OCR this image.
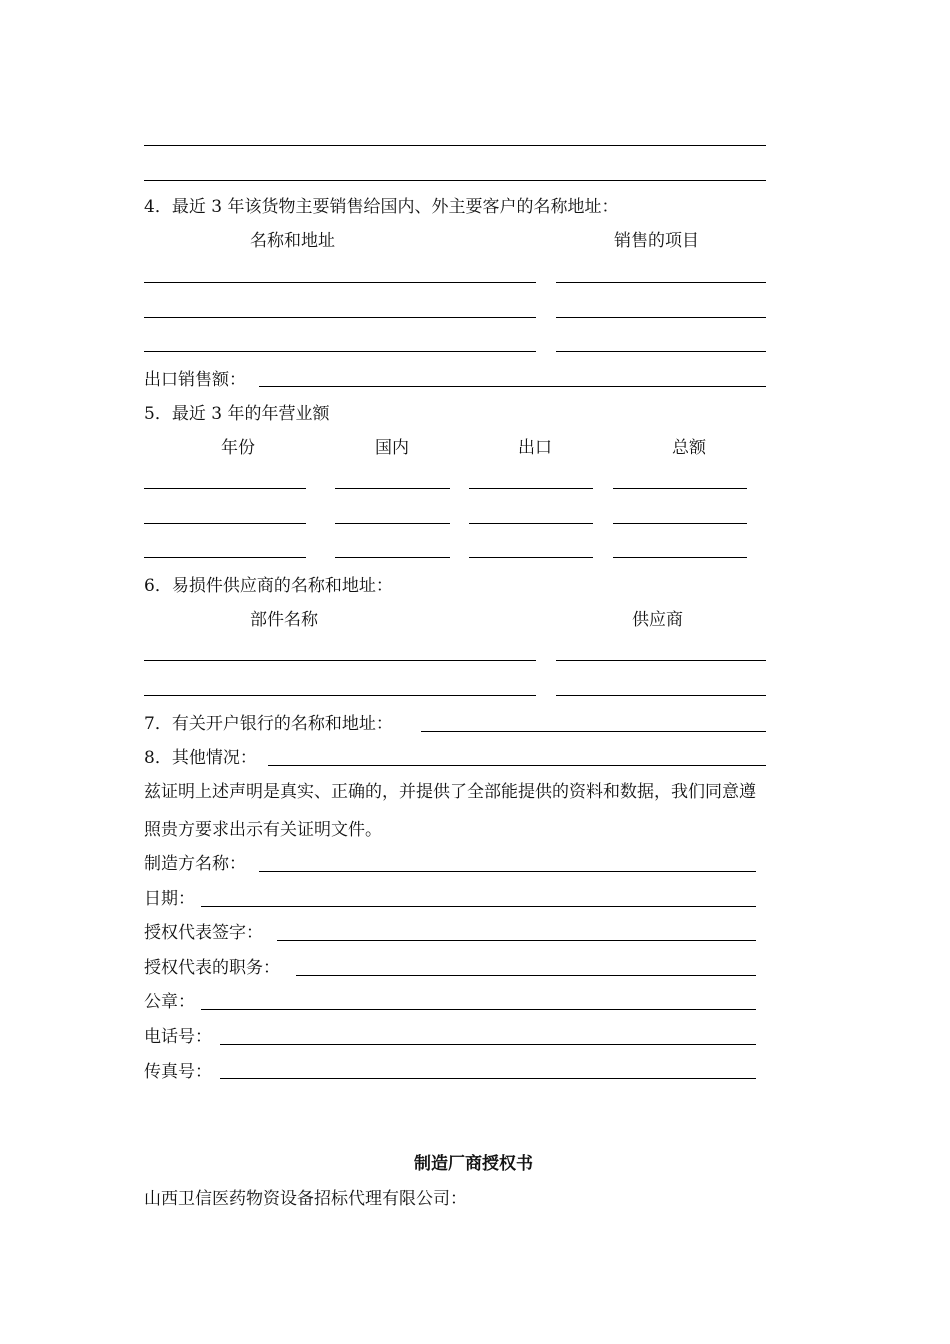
4．最近 3 年该货物主要销售给国内、外主要客户的名称地址：
名称和地址	销售的项目
出口销售额：
5．最近 3 年的年营业额
年份	国内	出口	总额
6．易损件供应商的名称和地址：
部件名称	供应商
7．有关开户银行的名称和地址：
8．其他情况：
兹证明上述声明是真实、正确的，并提供了全部能提供的资料和数据，我们同意遵
照贵方要求出示有关证明文件。
制造方名称：
日期：
授权代表签字：
授权代表的职务：
公章：
电话号：
传真号：
制造厂商授权书
山西卫信医药物资设备招标代理有限公司：
